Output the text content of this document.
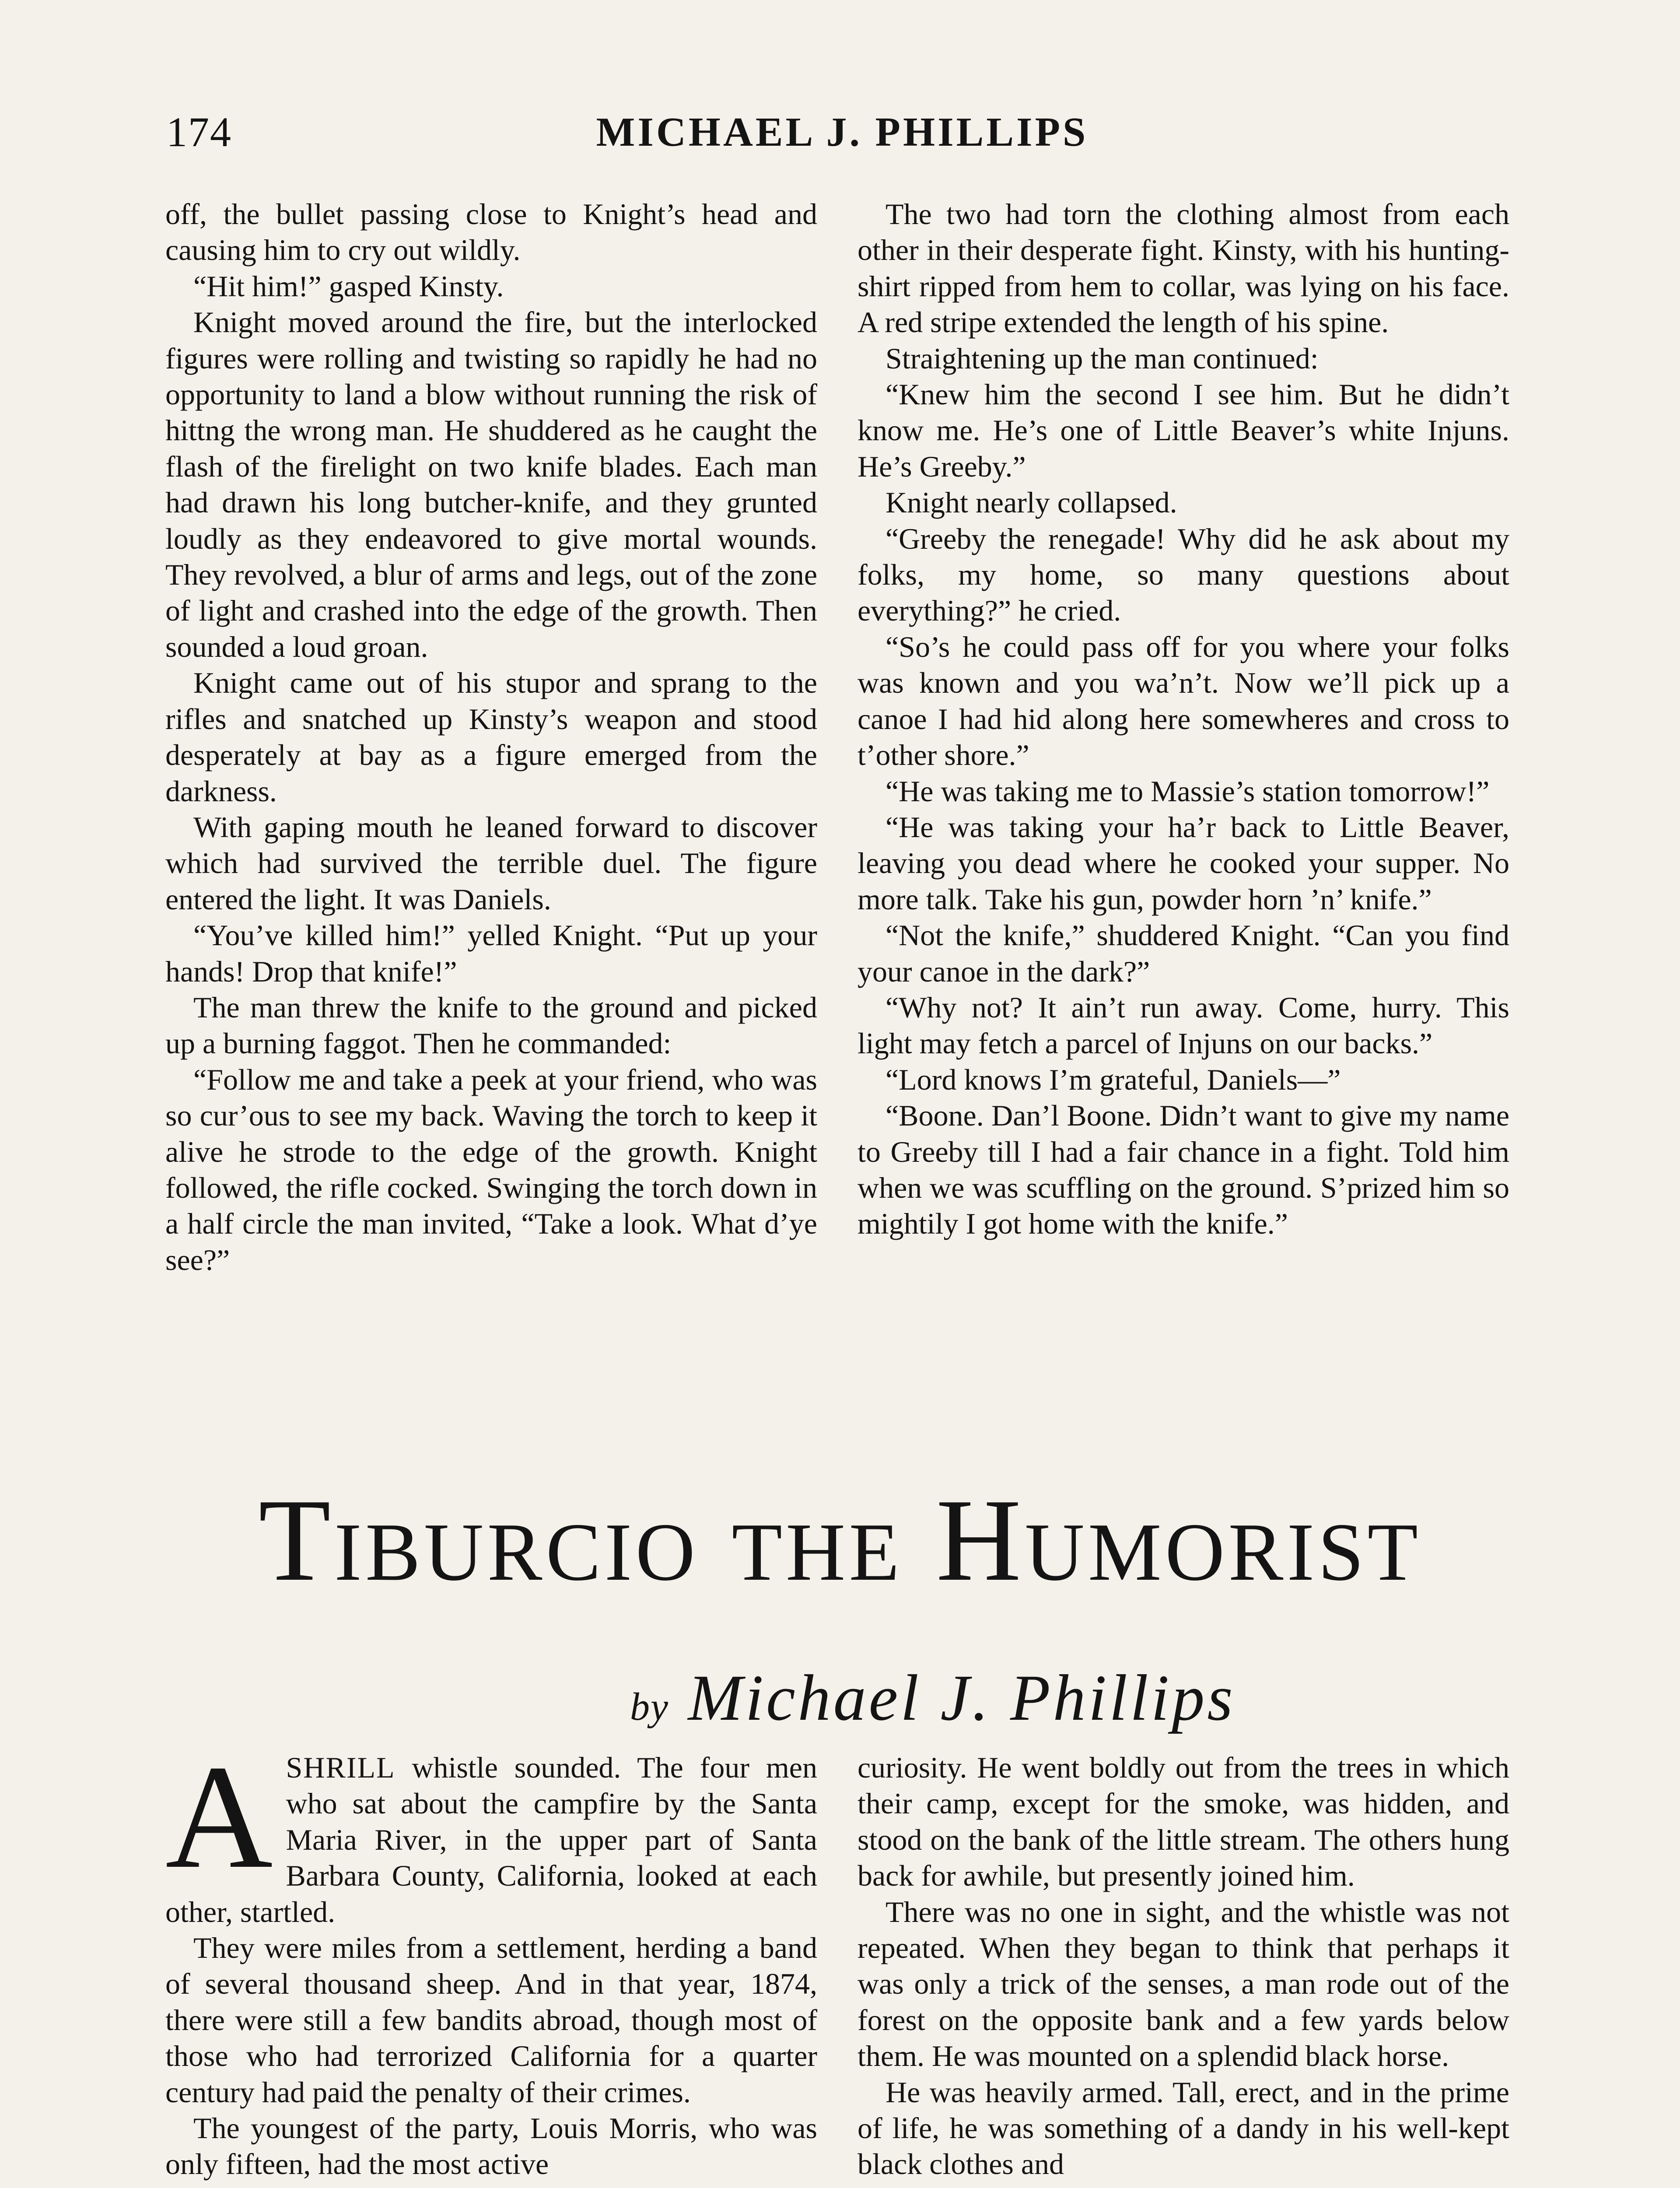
174	MICHAEL J. PHILLIPS

off, the bullet passing close to Knight’s head and causing him to cry out wildly.

“Hit him!” gasped Kinsty.

Knight moved around the fire, but the interlocked figures were rolling and twisting so rapidly he had no opportunity to land a blow without running the risk of hittng the wrong man. He shuddered as he caught the flash of the firelight on two knife blades. Each man had drawn his long butcher-knife, and they grunted loudly as they endeavored to give mortal wounds. They revolved, a blur of arms and legs, out of the zone of light and crashed into the edge of the growth. Then sounded a loud groan.

Knight came out of his stupor and sprang to the rifles and snatched up Kinsty’s weapon and stood desperately at bay as a figure emerged from the darkness.

With gaping mouth he leaned forward to discover which had survived the terrible duel. The figure entered the light. It was Daniels.

“You’ve killed him!” yelled Knight. “Put up your hands! Drop that knife!”

The man threw the knife to the ground and picked up a burning faggot. Then he commanded:

“Follow me and take a peek at your friend, who was so cur’ous to see my back. Waving the torch to keep it alive he strode to the edge of the growth. Knight followed, the rifle cocked. Swinging the torch down in a half circle the man invited, “Take a look. What d’ye see?”

The two had torn the clothing almost from each other in their desperate fight. Kinsty, with his hunting-shirt ripped from hem to collar, was lying on his face. A red stripe extended the length of his spine.

Straightening up the man continued:

“Knew him the second I see him. But he didn’t know me. He’s one of Little Beaver’s white Injuns. He’s Greeby.”

Knight nearly collapsed.

“Greeby the renegade! Why did he ask about my folks, my home, so many questions about everything?” he cried.

“So’s he could pass off for you where your folks was known and you wa’n’t. Now we’ll pick up a canoe I had hid along here somewheres and cross to t’other shore.”

“He was taking me to Massie’s station tomorrow!”

“He was taking your ha’r back to Little Beaver, leaving you dead where he cooked your supper. No more talk. Take his gun, powder horn ’n’ knife.”

“Not the knife,” shuddered Knight. “Can you find your canoe in the dark?”

“Why not? It ain’t run away. Come, hurry. This light may fetch a parcel of Injuns on our backs.”

“Lord knows I’m grateful, Daniels—”

“Boone. Dan’l Boone. Didn’t want to give my name to Greeby till I had a fair chance in a fight. Told him when we was scuffling on the ground. S’prized him so mightily I got home with the knife.”

Tiburcio the Humorist
by Michael J. Phillips

ASHRILL whistle sounded. The four men who sat about the campfire by the Santa Maria River, in the upper part of Santa Barbara County, California, looked at each other, startled.

They were miles from a settlement, herding a band of several thousand sheep. And in that year, 1874, there were still a few bandits abroad, though most of those who had terrorized California for a quarter century had paid the penalty of their crimes.

The youngest of the party, Louis Morris, who was only fifteen, had the most active

curiosity. He went boldly out from the trees in which their camp, except for the smoke, was hidden, and stood on the bank of the little stream. The others hung back for awhile, but presently joined him.

There was no one in sight, and the whistle was not repeated. When they began to think that perhaps it was only a trick of the senses, a man rode out of the forest on the opposite bank and a few yards below them. He was mounted on a splendid black horse.

He was heavily armed. Tall, erect, and in the prime of life, he was something of a dandy in his well-kept black clothes and
